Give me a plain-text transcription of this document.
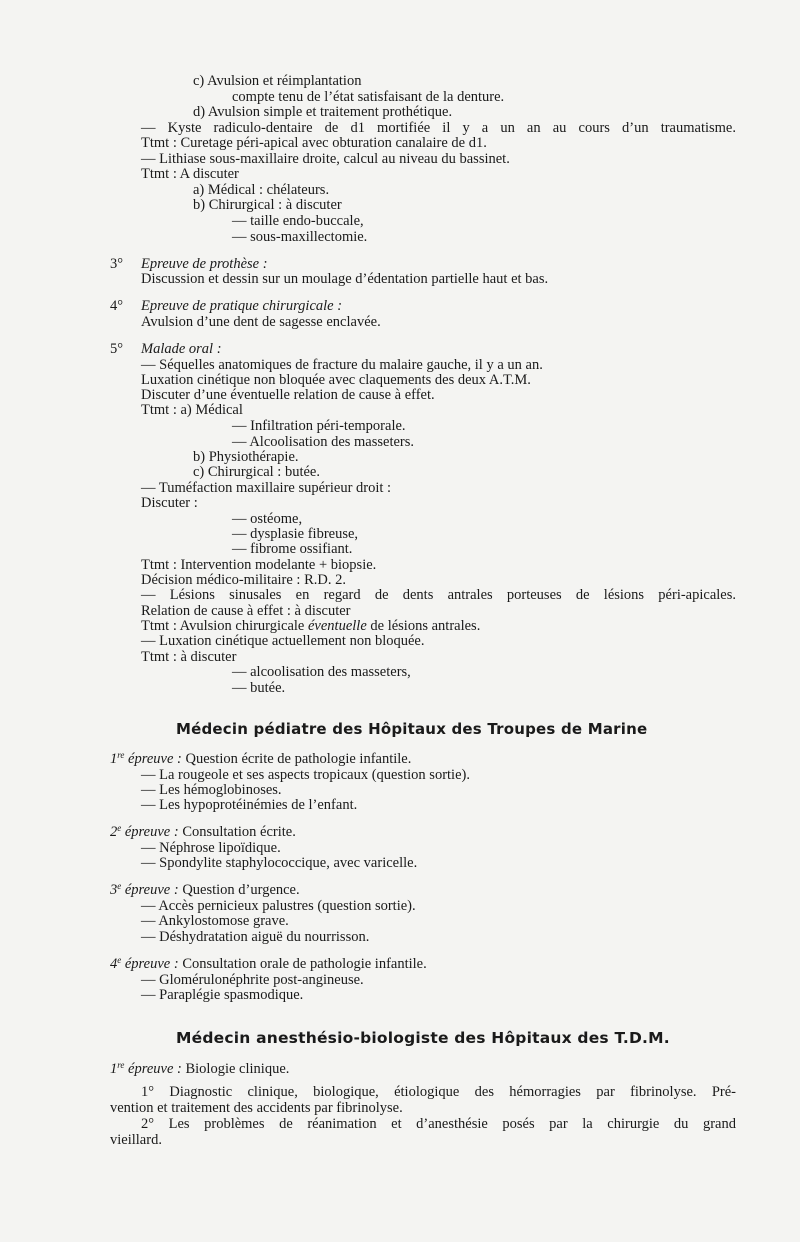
c) Avulsion et réimplantation
compte tenu de l’état satisfaisant de la denture.
d) Avulsion simple et traitement prothétique.
— Kyste radiculo-dentaire de d1 mortifiée il y a un an au cours d’un traumatisme.
Ttmt : Curetage péri-apical avec obturation canalaire de d1.
— Lithiase sous-maxillaire droite, calcul au niveau du bassinet.
Ttmt : A discuter
a) Médical : chélateurs.
b) Chirurgical : à discuter
— taille endo-buccale,
— sous-maxillectomie.
3° Epreuve de prothèse :
Discussion et dessin sur un moulage d’édentation partielle haut et bas.
4° Epreuve de pratique chirurgicale :
Avulsion d’une dent de sagesse enclavée.
5° Malade oral :
— Séquelles anatomiques de fracture du malaire gauche, il y a un an.
Luxation cinétique non bloquée avec claquements des deux A.T.M.
Discuter d’une éventuelle relation de cause à effet.
Ttmt : a) Médical
— Infiltration péri-temporale.
— Alcoolisation des masseters.
b) Physiothérapie.
c) Chirurgical : butée.
— Tuméfaction maxillaire supérieur droit :
Discuter :
— ostéome,
— dysplasie fibreuse,
— fibrome ossifiant.
Ttmt : Intervention modelante + biopsie.
Décision médico-militaire : R.D. 2.
— Lésions sinusales en regard de dents antrales porteuses de lésions péri-apicales.
Relation de cause à effet : à discuter
Ttmt : Avulsion chirurgicale éventuelle de lésions antrales.
— Luxation cinétique actuellement non bloquée.
Ttmt : à discuter
— alcoolisation des masseters,
— butée.
Médecin pédiatre des Hôpitaux des Troupes de Marine
1re épreuve : Question écrite de pathologie infantile.
— La rougeole et ses aspects tropicaux (question sortie).
— Les hémoglobinoses.
— Les hypoprotéinémies de l’enfant.
2e épreuve : Consultation écrite.
— Néphrose lipoïdique.
— Spondylite staphylococcique, avec varicelle.
3e épreuve : Question d’urgence.
— Accès pernicieux palustres (question sortie).
— Ankylostomose grave.
— Déshydratation aiguë du nourrisson.
4e épreuve : Consultation orale de pathologie infantile.
— Glomérulonéphrite post-angineuse.
— Paraplégie spasmodique.
Médecin anesthésio-biologiste des Hôpitaux des T.D.M.
1re épreuve : Biologie clinique.
1° Diagnostic clinique, biologique, étiologique des hémorragies par fibrinolyse. Pré-
vention et traitement des accidents par fibrinolyse.
2° Les problèmes de réanimation et d’anesthésie posés par la chirurgie du grand
vieillard.
